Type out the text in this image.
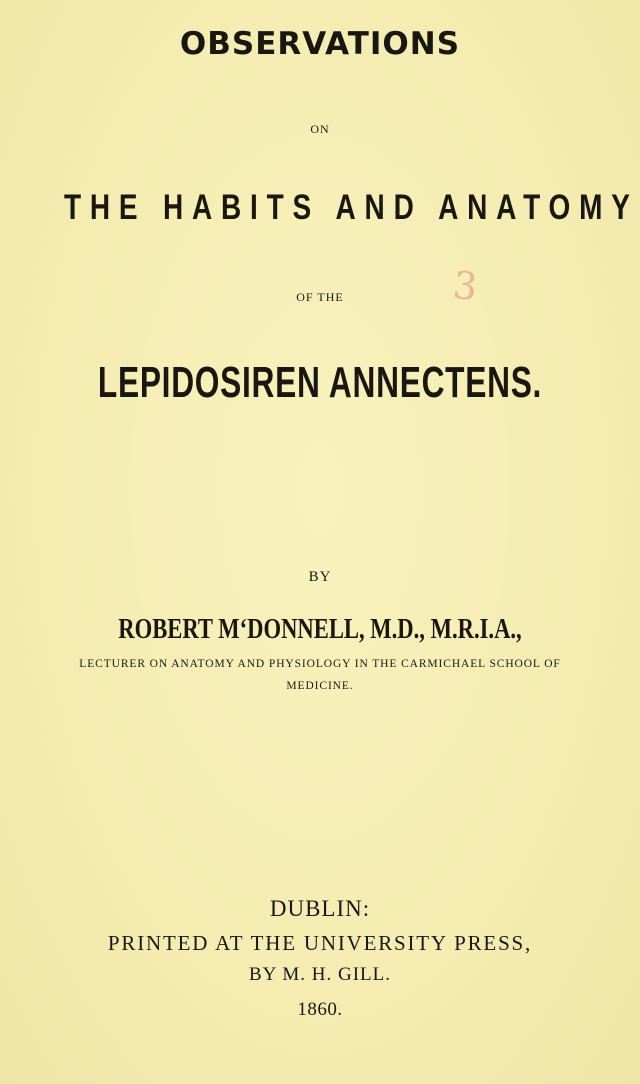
OBSERVATIONS
ON
THE HABITS AND ANATOMY
OF THE	3
LEPIDOSIREN ANNECTENS.
BY
ROBERT M‘DONNELL, M.D., M.R.I.A.,
LECTURER ON ANATOMY AND PHYSIOLOGY IN THE CARMICHAEL SCHOOL OF
MEDICINE.
DUBLIN:
PRINTED AT THE UNIVERSITY PRESS,
BY M. H. GILL.
1860.
